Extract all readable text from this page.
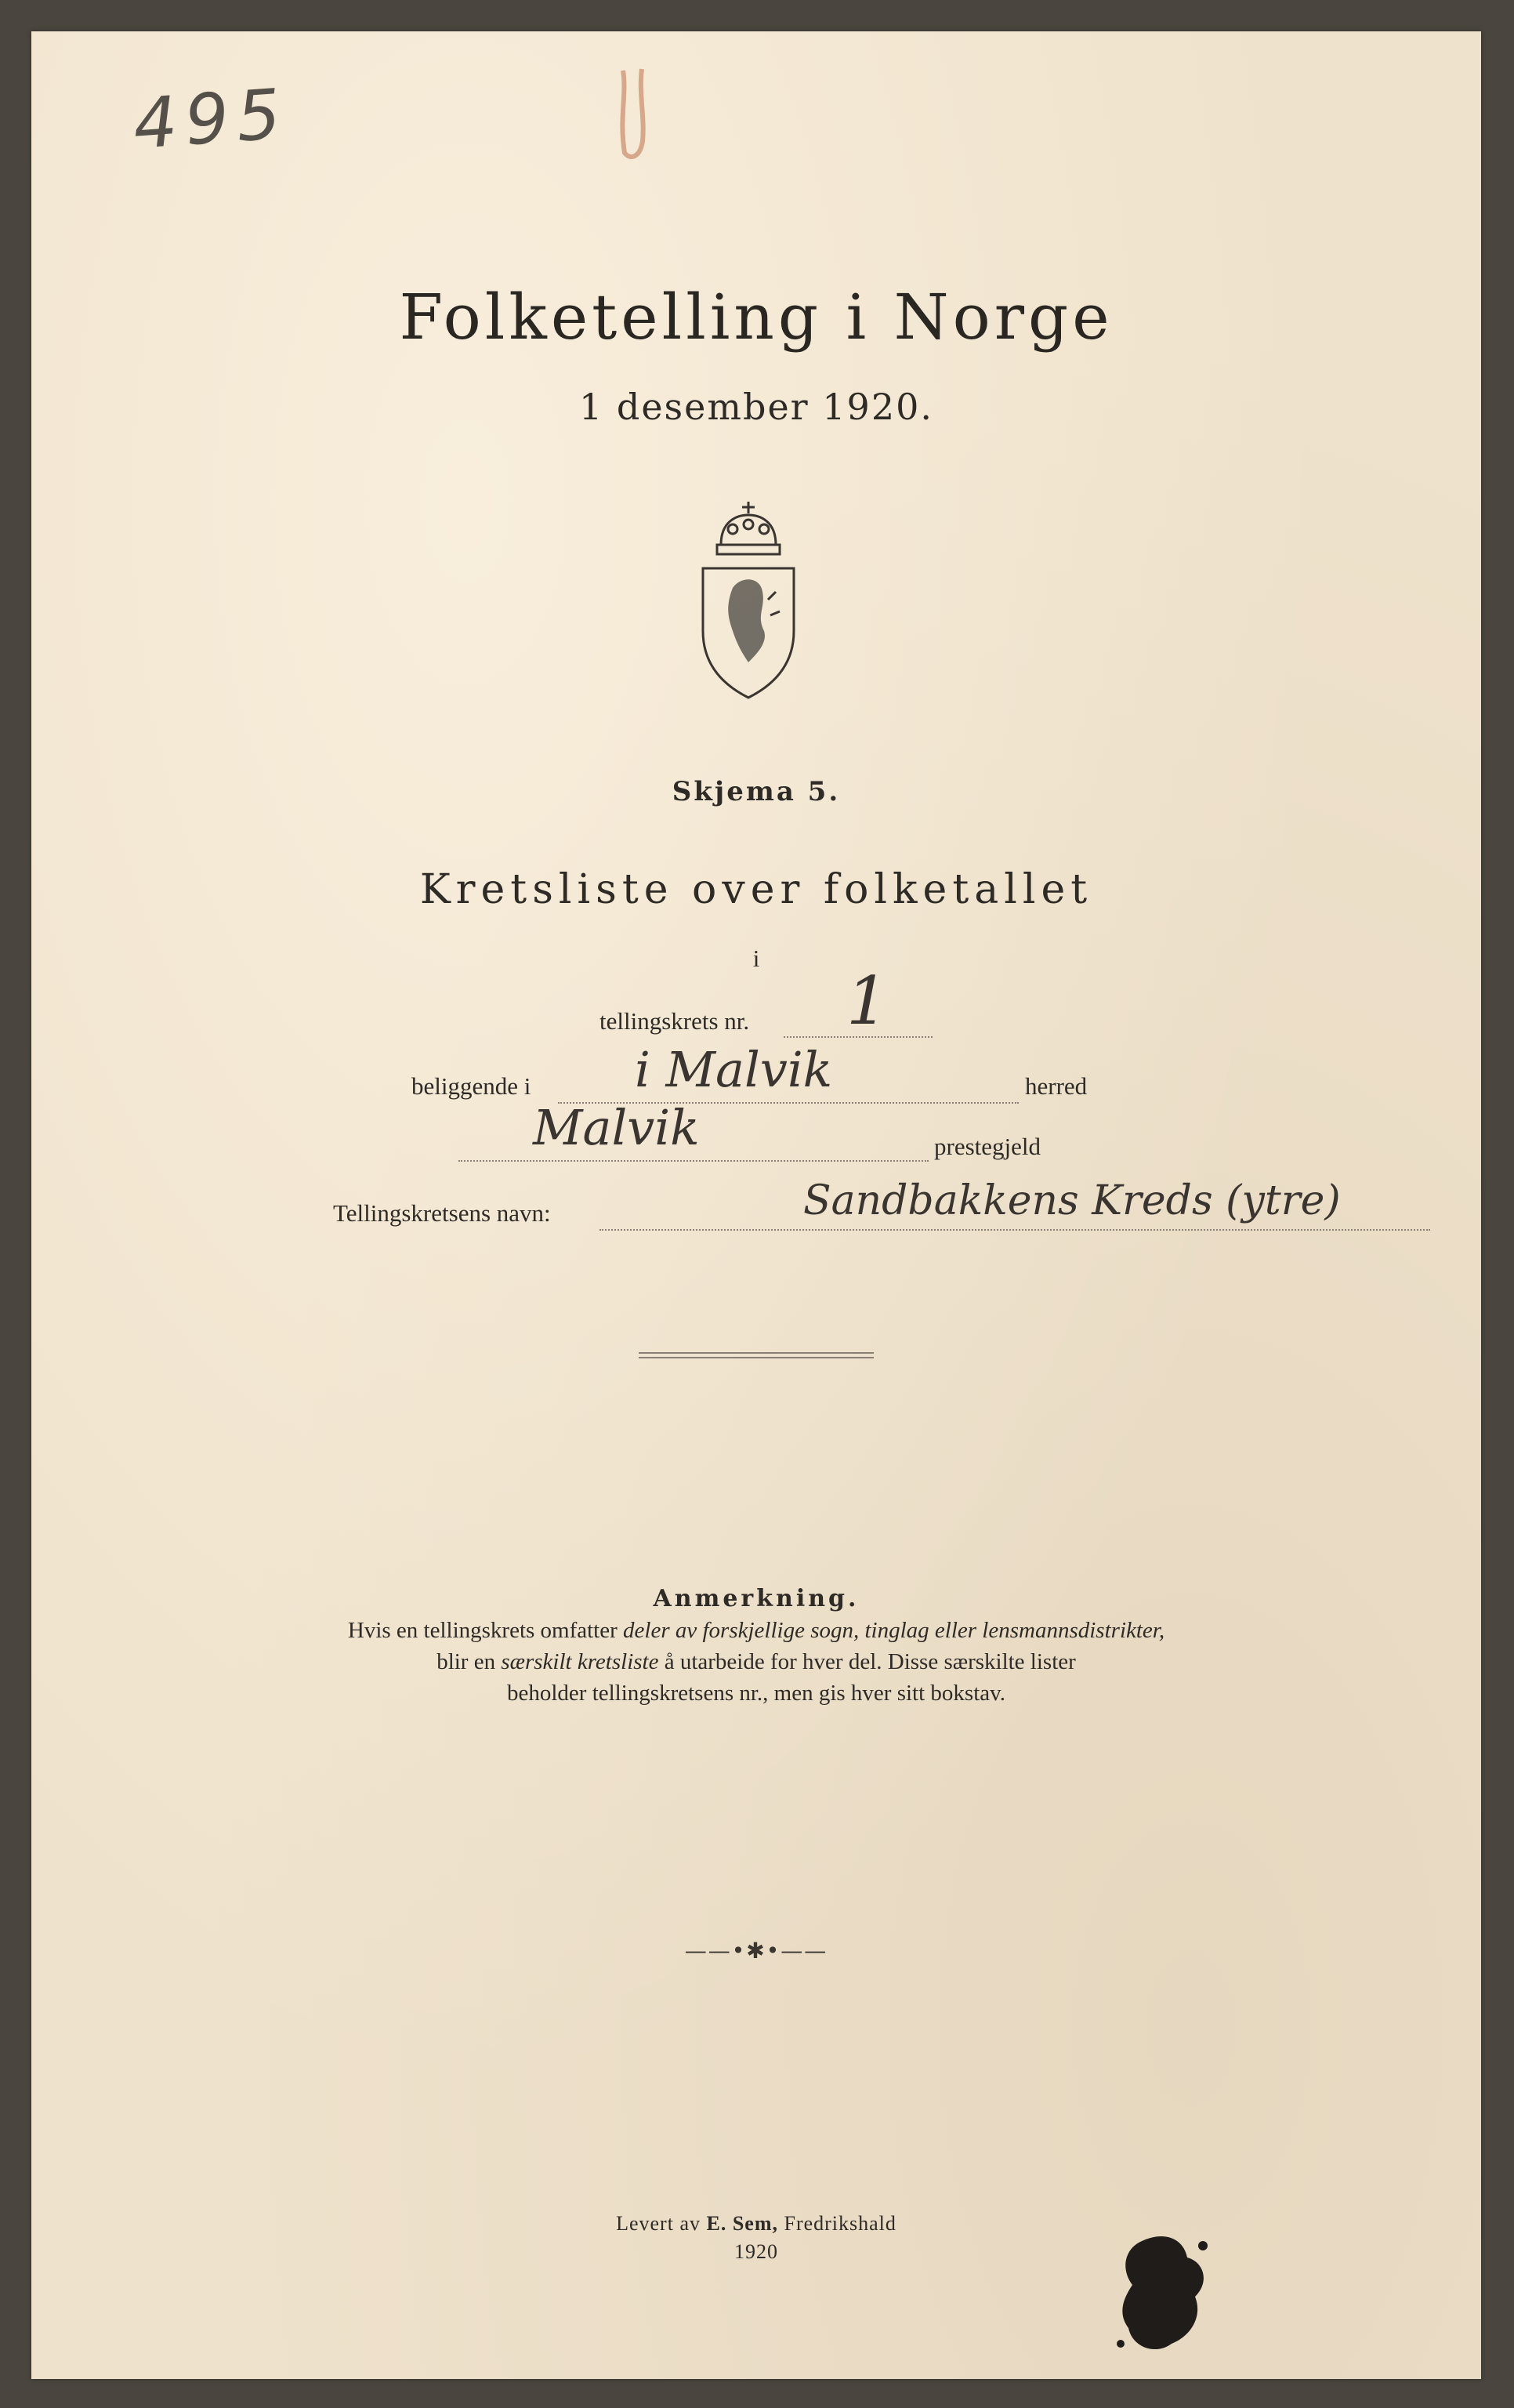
495
Folketelling i Norge
1 desember 1920.
Skjema 5.
Kretsliste over folketallet
i
tellingskrets nr. 1
beliggende i i Malvik	herred
Malvik	prestegjeld
Tellingskretsens navn:	Sandbakkens Kreds (ytre)
Anmerkning.
Hvis en tellingskrets omfatter deler av forskjellige sogn, tinglag eller lensmannsdistrikter,
blir en særskilt kretsliste å utarbeide for hver del. Disse særskilte lister
beholder tellingskretsens nr., men gis hver sitt bokstav.
——•✱•——
Levert av E. Sem, Fredrikshald
1920
